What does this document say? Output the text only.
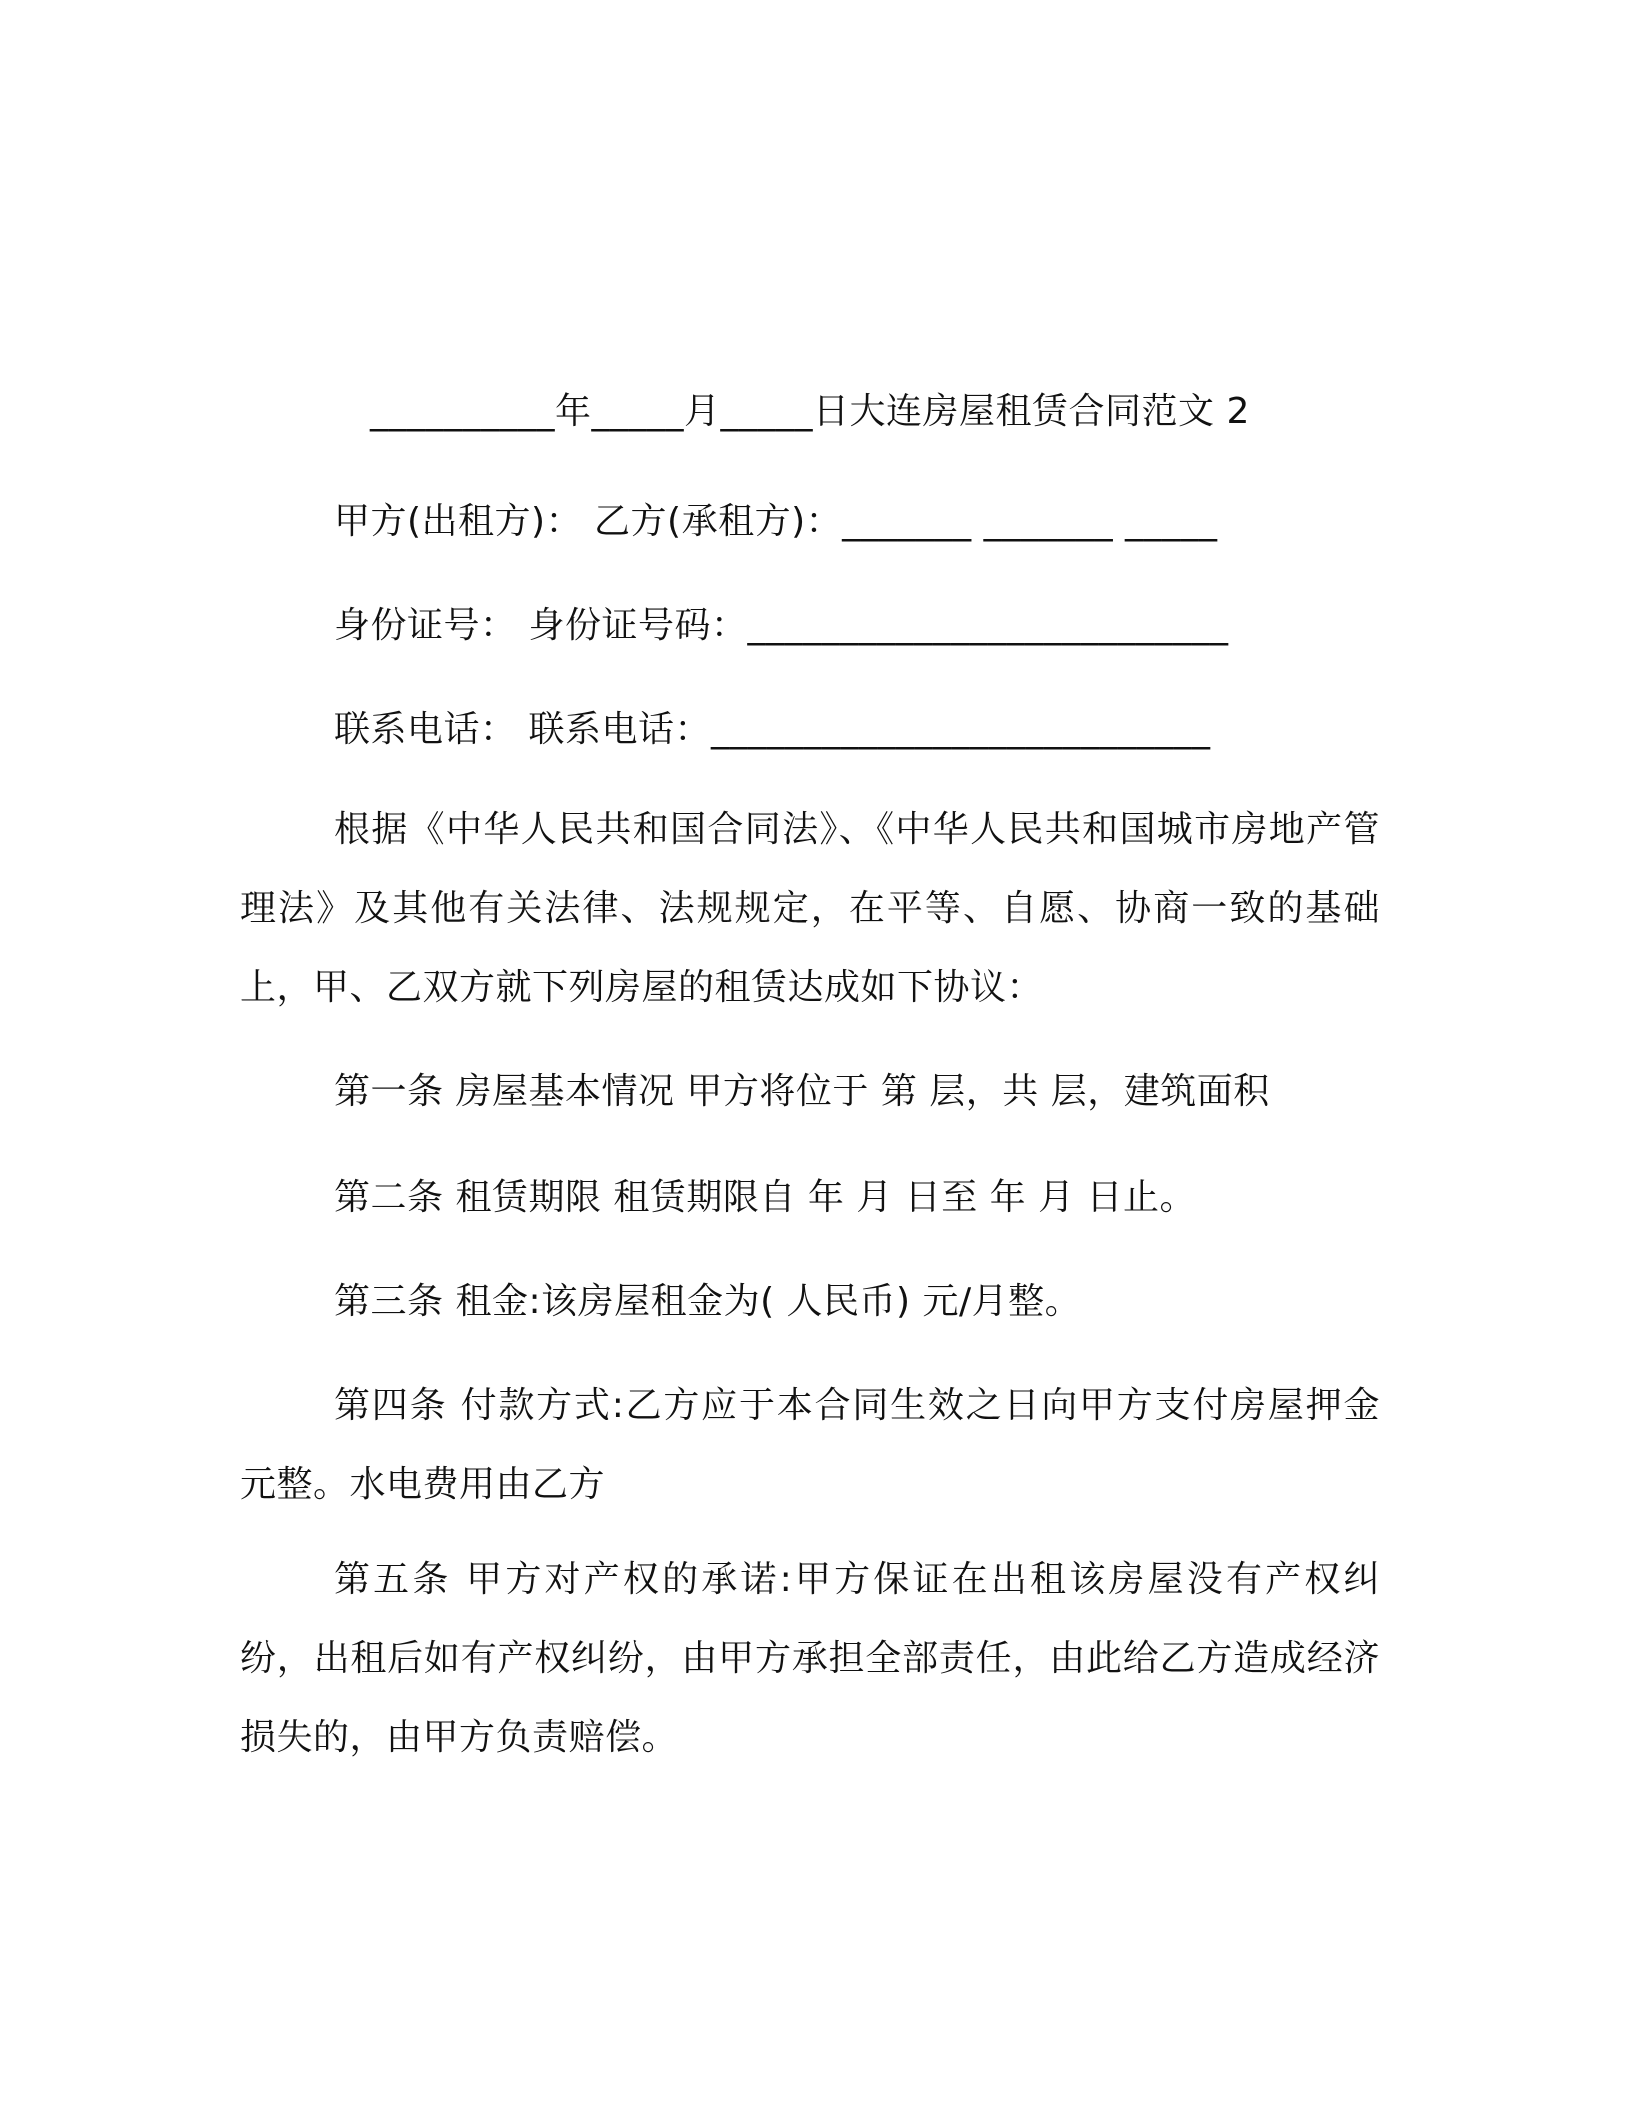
__________年_____月_____日大连房屋租赁合同范文 2
甲方(出租方)： 乙方(承租方)：_______ _______ _____
身份证号： 身份证号码：__________________________
联系电话： 联系电话：___________________________
根据《中华人民共和国合同法》、《中华人民共和国城市房地产管理法》及其他有关法律、法规规定，在平等、自愿、协商一致的基础上，甲、乙双方就下列房屋的租赁达成如下协议：
第一条 房屋基本情况 甲方将位于 第 层，共 层，建筑面积
第二条 租赁期限 租赁期限自 年 月 日至 年 月 日止。
第三条 租金:该房屋租金为( 人民币) 元/月整。
第四条 付款方式:乙方应于本合同生效之日向甲方支付房屋押金 元整。水电费用由乙方
第五条 甲方对产权的承诺:甲方保证在出租该房屋没有产权纠纷，出租后如有产权纠纷，由甲方承担全部责任，由此给乙方造成经济损失的，由甲方负责赔偿。
